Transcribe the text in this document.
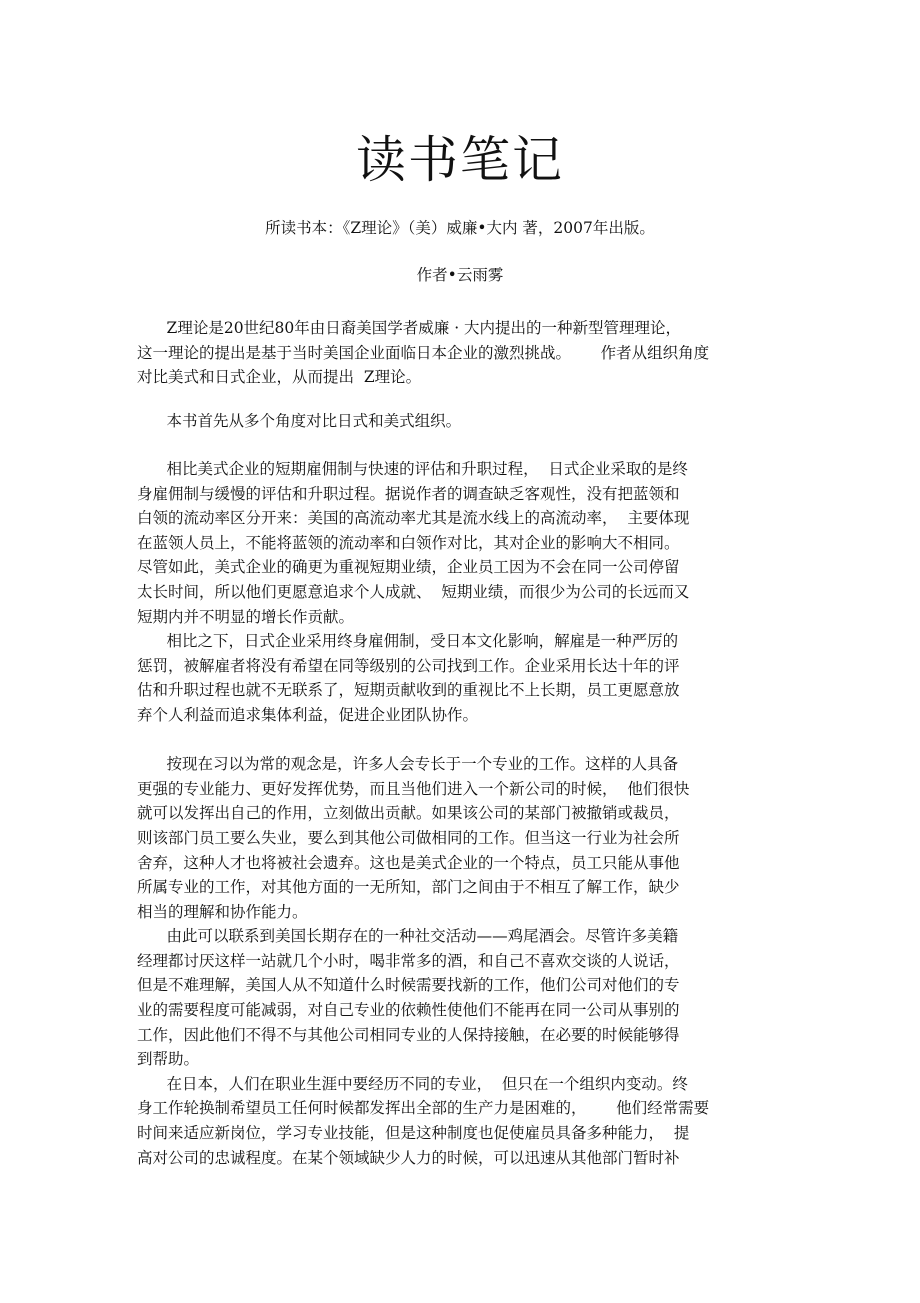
读书笔记

所读书本：《Z理论》（美）威廉•大内 著，2007年出版。

作者•云雨雾

Z理论是20世纪80年由日裔美国学者威廉 · 大内提出的一种新型管理理论，
这一理论的提出是基于当时美国企业面临日本企业的激烈挑战。      作者从组织角度
对比美式和日式企业，从而提出  Z理论。
本书首先从多个角度对比日式和美式组织。
相比美式企业的短期雇佣制与快速的评估和升职过程，  日式企业采取的是终
身雇佣制与缓慢的评估和升职过程。据说作者的调查缺乏客观性，没有把蓝领和
白领的流动率区分开来：美国的高流动率尤其是流水线上的高流动率，  主要体现
在蓝领人员上，不能将蓝领的流动率和白领作对比，其对企业的影响大不相同。
尽管如此，美式企业的确更为重视短期业绩，企业员工因为不会在同一公司停留
太长时间，所以他们更愿意追求个人成就、  短期业绩，而很少为公司的长远而又
短期内并不明显的增长作贡献。
相比之下，日式企业采用终身雇佣制，受日本文化影响，解雇是一种严厉的
惩罚，被解雇者将没有希望在同等级别的公司找到工作。企业采用长达十年的评
估和升职过程也就不无联系了，短期贡献收到的重视比不上长期，员工更愿意放
弃个人利益而追求集体利益，促进企业团队协作。
按现在习以为常的观念是，许多人会专长于一个专业的工作。这样的人具备
更强的专业能力、更好发挥优势，而且当他们进入一个新公司的时候，  他们很快
就可以发挥出自己的作用，立刻做出贡献。如果该公司的某部门被撤销或裁员，
则该部门员工要么失业，要么到其他公司做相同的工作。但当这一行业为社会所
舍弃，这种人才也将被社会遗弃。这也是美式企业的一个特点，员工只能从事他
所属专业的工作，对其他方面的一无所知，部门之间由于不相互了解工作，缺少
相当的理解和协作能力。
由此可以联系到美国长期存在的一种社交活动——鸡尾酒会。尽管许多美籍
经理都讨厌这样一站就几个小时，喝非常多的酒，和自己不喜欢交谈的人说话，
但是不难理解，美国人从不知道什么时候需要找新的工作，他们公司对他们的专
业的需要程度可能减弱，对自己专业的依赖性使他们不能再在同一公司从事别的
工作，因此他们不得不与其他公司相同专业的人保持接触，在必要的时候能够得
到帮助。
在日本，人们在职业生涯中要经历不同的专业，  但只在一个组织内变动。终
身工作轮换制希望员工任何时候都发挥出全部的生产力是困难的，      他们经常需要
时间来适应新岗位，学习专业技能，但是这种制度也促使雇员具备多种能力，  提
高对公司的忠诚程度。在某个领域缺少人力的时候，可以迅速从其他部门暂时补
